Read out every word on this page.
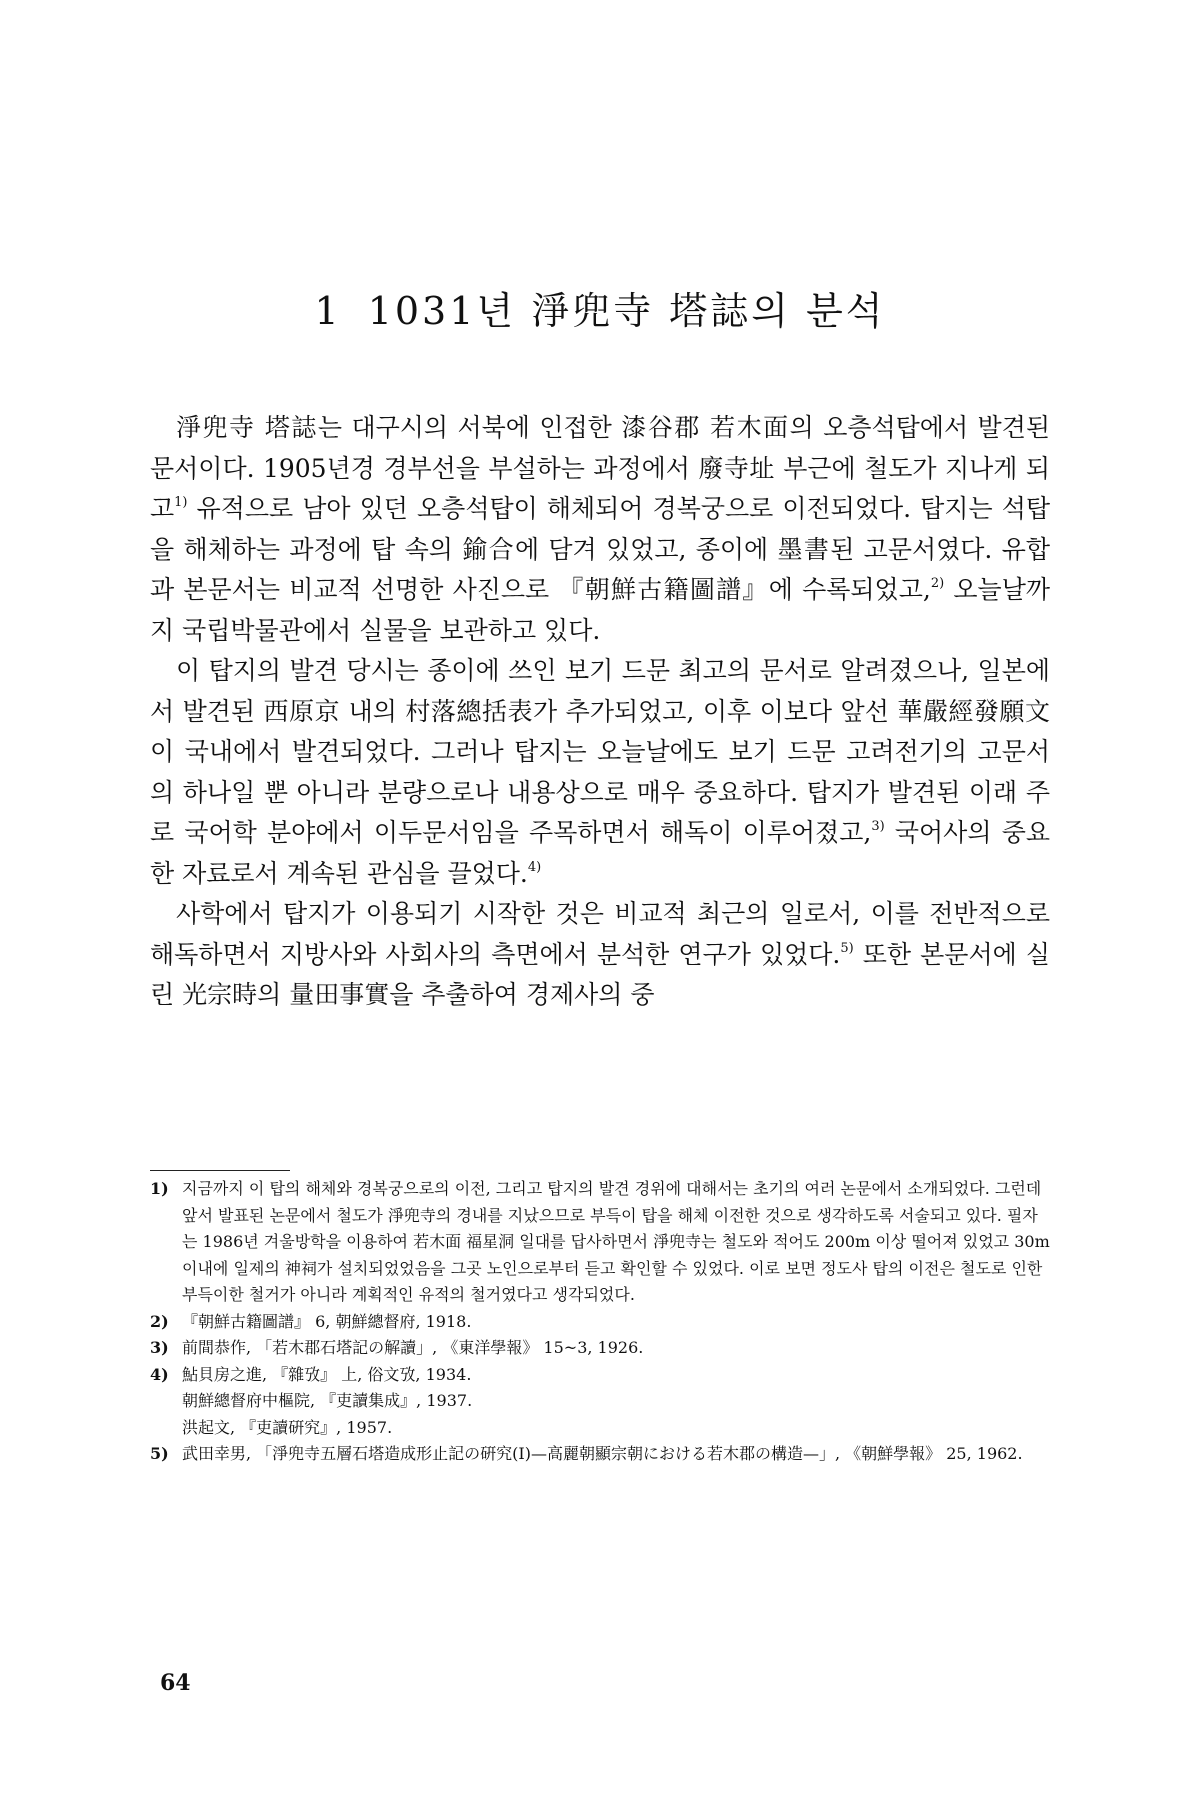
1 1031년 淨兜寺 塔誌의 분석

淨兜寺 塔誌는 대구시의 서북에 인접한 漆谷郡 若木面의 오층석탑에서 발견된 문서이다. 1905년경 경부선을 부설하는 과정에서 廢寺址 부근에 철도가 지나게 되고$^{1)}$ 유적으로 남아 있던 오층석탑이 해체되어 경복궁으로 이전되었다. 탑지는 석탑을 해체하는 과정에 탑 속의 鍮合에 담겨 있었고, 종이에 墨書된 고문서였다. 유합과 본문서는 비교적 선명한 사진으로 『朝鮮古籍圖譜』에 수록되었고,$^{2)}$ 오늘날까지 국립박물관에서 실물을 보관하고 있다.

이 탑지의 발견 당시는 종이에 쓰인 보기 드문 최고의 문서로 알려졌으나, 일본에서 발견된 西原京 내의 村落總括表가 추가되었고, 이후 이보다 앞선 華嚴經發願文이 국내에서 발견되었다. 그러나 탑지는 오늘날에도 보기 드문 고려전기의 고문서의 하나일 뿐 아니라 분량으로나 내용상으로 매우 중요하다. 탑지가 발견된 이래 주로 국어학 분야에서 이두문서임을 주목하면서 해독이 이루어졌고,$^{3)}$ 국어사의 중요한 자료로서 계속된 관심을 끌었다.$^{4)}$

사학에서 탑지가 이용되기 시작한 것은 비교적 최근의 일로서, 이를 전반적으로 해독하면서 지방사와 사회사의 측면에서 분석한 연구가 있었다.$^{5)}$ 또한 본문서에 실린 光宗時의 量田事實을 추출하여 경제사의 중

1) 지금까지 이 탑의 해체와 경복궁으로의 이전, 그리고 탑지의 발견 경위에 대해서는 초기의 여러 논문에서 소개되었다. 그런데 앞서 발표된 논문에서 철도가 淨兜寺의 경내를 지났으므로 부득이 탑을 해체 이전한 것으로 생각하도록 서술되고 있다. 필자는 1986년 겨울방학을 이용하여 若木面 福星洞 일대를 답사하면서 淨兜寺는 철도와 적어도 200m 이상 떨어져 있었고 30m 이내에 일제의 神祠가 설치되었었음을 그곳 노인으로부터 듣고 확인할 수 있었다. 이로 보면 정도사 탑의 이전은 철도로 인한 부득이한 철거가 아니라 계획적인 유적의 철거였다고 생각되었다.
2) 『朝鮮古籍圖譜』 6, 朝鮮總督府, 1918.
3) 前間恭作, 「若木郡石塔記の解讀」, 《東洋學報》 15~3, 1926.
4) 鮎貝房之進, 『雜攷』 上, 俗文攷, 1934.
朝鮮總督府中樞院, 『吏讀集成』, 1937.
洪起文, 『吏讀硏究』, 1957.
5) 武田幸男, 「淨兜寺五層石塔造成形止記の硏究(Ⅰ)—高麗朝顯宗朝における若木郡の構造—」, 《朝鮮學報》 25, 1962.
64
